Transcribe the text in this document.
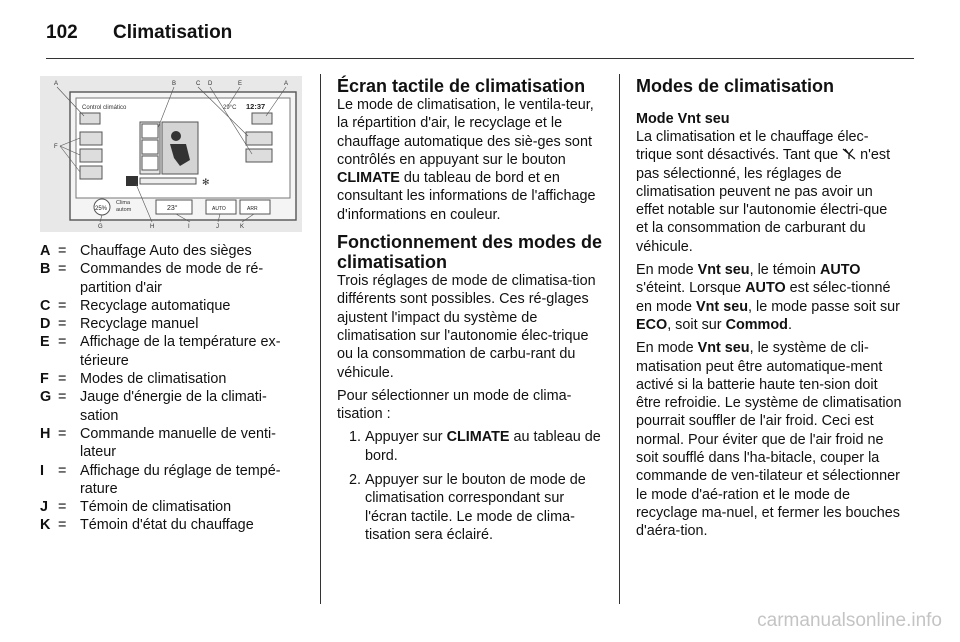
102 Climatisation
Control climático	29°C 12:37
✻
25%
Clima
autom	23°	AUTO	ARR
A	B	C D	E	A
F
G	H	I	J	K
A = Chauffage Auto des sièges
B = Commandes de mode de ré-partition d'air
C = Recyclage automatique
D = Recyclage manuel
E = Affichage de la température ex-térieure
F = Modes de climatisation
G = Jauge d'énergie de la climati-sation
H = Commande manuelle de venti-lateur
I = Affichage du réglage de tempé-rature
J = Témoin de climatisation
K = Témoin d'état du chauffage
Écran tactile de climatisation

Le mode de climatisation, le ventila-teur, la répartition d'air, le recyclage et le chauffage automatique des siè-ges sont contrôlés en appuyant sur le bouton CLIMATE du tableau de bord et en consultant les informations de l'affichage d'informations en couleur.

Fonctionnement des modes de climatisation

Trois réglages de mode de climatisa-tion différents sont possibles. Ces ré-glages ajustent l'impact du système de climatisation sur l'autonomie élec-trique ou la consommation de carbu-rant du véhicule.

Pour sélectionner un mode de clima-tisation :

1. Appuyer sur CLIMATE au tableau de bord.
2. Appuyer sur le bouton de mode de climatisation correspondant sur l'écran tactile. Le mode de clima-tisation sera éclairé.
Modes de climatisation
Mode Vnt seu

La climatisation et le chauffage élec-trique sont désactivés. Tant que  n'est pas sélectionné, les réglages de climatisation peuvent ne pas avoir un effet notable sur l'autonomie électri-que et la consommation de carburant du véhicule.

En mode Vnt seu, le témoin AUTO s'éteint. Lorsque AUTO est sélec-tionné en mode Vnt seu, le mode passe soit sur ECO, soit sur Commod.

En mode Vnt seu, le système de cli-matisation peut être automatique-ment activé si la batterie haute ten-sion doit être refroidie. Le système de climatisation pourrait souffler de l'air froid. Ceci est normal. Pour éviter que de l'air froid ne soit soufflé dans l'ha-bitacle, couper la commande de ven-tilateur et sélectionner le mode d'aé-ration et le mode de recyclage ma-nuel, et fermer les bouches d'aéra-tion.

carmanualsonline.info
